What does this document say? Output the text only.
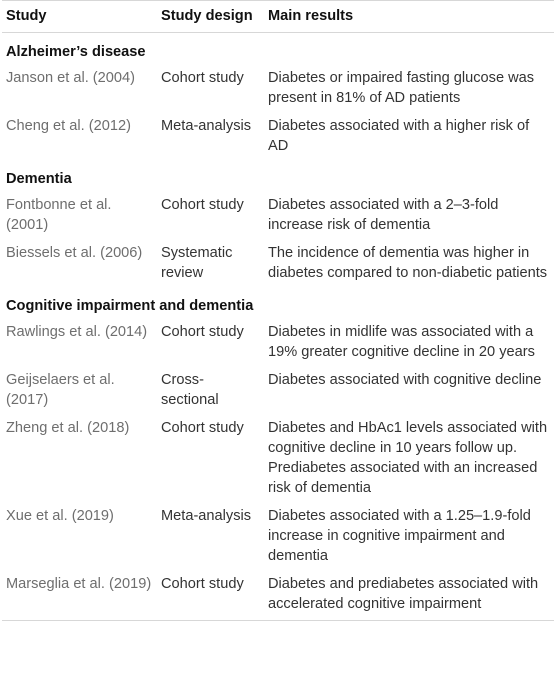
Study	Study design	Main results
Alzheimer’s disease		
Janson et al. (2004)	Cohort study	Diabetes or impaired fasting glucose was present in 81% of AD patients
Cheng et al. (2012)	Meta-analysis	Diabetes associated with a higher risk of AD
Dementia		
Fontbonne et al. (2001)	Cohort study	Diabetes associated with a 2–3-fold increase risk of dementia
Biessels et al. (2006)	Systematic review	The incidence of dementia was higher in diabetes compared to non-diabetic patients
Cognitive impairment and dementia		
Rawlings et al. (2014)	Cohort study	Diabetes in midlife was associated with a 19% greater cognitive decline in 20 years
Geijselaers et al. (2017)	Cross-sectional	Diabetes associated with cognitive decline
Zheng et al. (2018)	Cohort study	Diabetes and HbAc1 levels associated with cognitive decline in 10 years follow up. Prediabetes associated with an increased risk of dementia
Xue et al. (2019)	Meta-analysis	Diabetes associated with a 1.25–1.9-fold increase in cognitive impairment and dementia
Marseglia et al. (2019)	Cohort study	Diabetes and prediabetes associated with accelerated cognitive impairment
